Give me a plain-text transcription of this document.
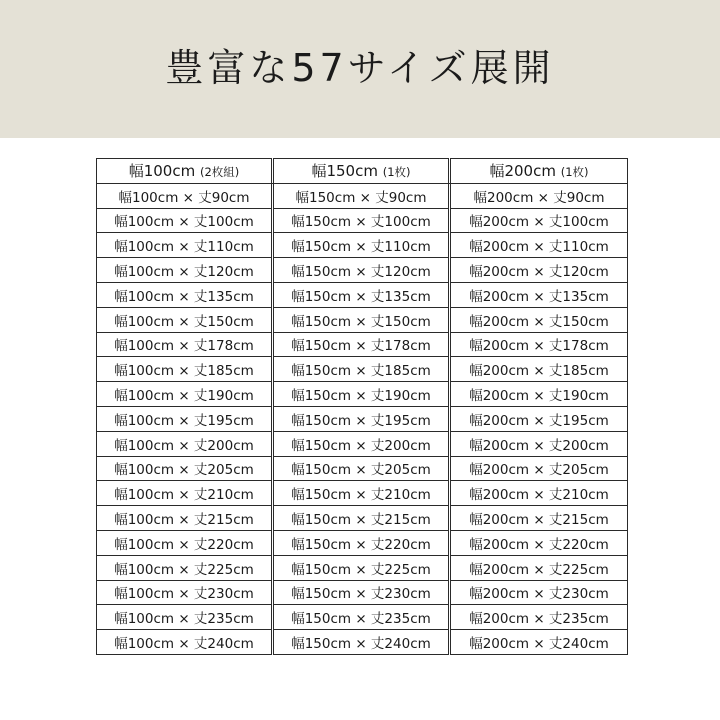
豊富な57サイズ展開
幅100cm (2枚組)		幅150cm (1枚)		幅200cm (1枚)
幅100cm × 丈90cm		幅150cm × 丈90cm		幅200cm × 丈90cm
幅100cm × 丈100cm		幅150cm × 丈100cm		幅200cm × 丈100cm
幅100cm × 丈110cm		幅150cm × 丈110cm		幅200cm × 丈110cm
幅100cm × 丈120cm		幅150cm × 丈120cm		幅200cm × 丈120cm
幅100cm × 丈135cm		幅150cm × 丈135cm		幅200cm × 丈135cm
幅100cm × 丈150cm		幅150cm × 丈150cm		幅200cm × 丈150cm
幅100cm × 丈178cm		幅150cm × 丈178cm		幅200cm × 丈178cm
幅100cm × 丈185cm		幅150cm × 丈185cm		幅200cm × 丈185cm
幅100cm × 丈190cm		幅150cm × 丈190cm		幅200cm × 丈190cm
幅100cm × 丈195cm		幅150cm × 丈195cm		幅200cm × 丈195cm
幅100cm × 丈200cm		幅150cm × 丈200cm		幅200cm × 丈200cm
幅100cm × 丈205cm		幅150cm × 丈205cm		幅200cm × 丈205cm
幅100cm × 丈210cm		幅150cm × 丈210cm		幅200cm × 丈210cm
幅100cm × 丈215cm		幅150cm × 丈215cm		幅200cm × 丈215cm
幅100cm × 丈220cm		幅150cm × 丈220cm		幅200cm × 丈220cm
幅100cm × 丈225cm		幅150cm × 丈225cm		幅200cm × 丈225cm
幅100cm × 丈230cm		幅150cm × 丈230cm		幅200cm × 丈230cm
幅100cm × 丈235cm		幅150cm × 丈235cm		幅200cm × 丈235cm
幅100cm × 丈240cm		幅150cm × 丈240cm		幅200cm × 丈240cm
